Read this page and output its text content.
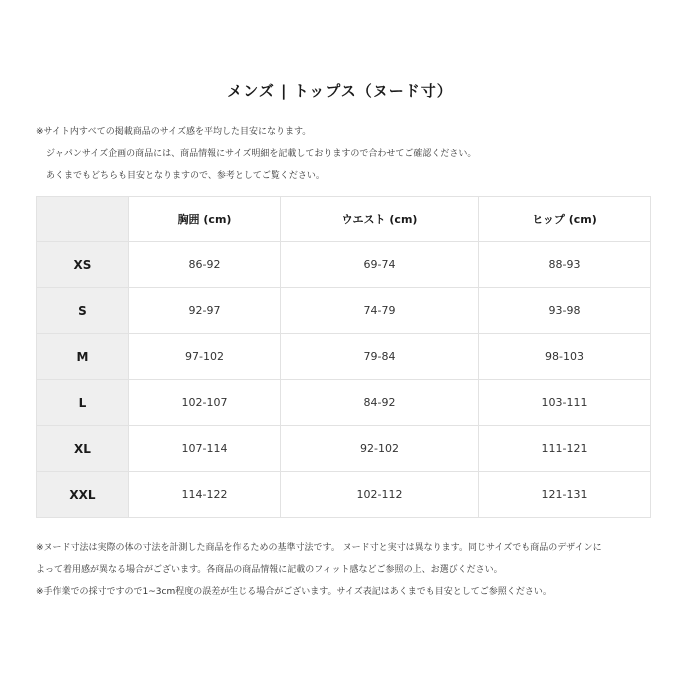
メンズ | トップス（ヌード寸）
※サイト内すべての掲載商品のサイズ感を平均した目安になります。
ジャパンサイズ企画の商品には、商品情報にサイズ明細を記載しておりますので合わせてご確認ください。
あくまでもどちらも目安となりますので、参考としてご覧ください。
	胸囲 (cm)	ウエスト (cm)	ヒップ (cm)
XS	86-92	69-74	88-93
S	92-97	74-79	93-98
M	97-102	79-84	98-103
L	102-107	84-92	103-111
XL	107-114	92-102	111-121
XXL	114-122	102-112	121-131
※ヌード寸法は実際の体の寸法を計測した商品を作るための基準寸法です。 ヌード寸と実寸は異なります。同じサイズでも商品のデザインに
よって着用感が異なる場合がございます。各商品の商品情報に記載のフィット感などご参照の上、お選びください。
※手作業での採寸ですので1~3cm程度の誤差が生じる場合がございます。サイズ表記はあくまでも目安としてご参照ください。
